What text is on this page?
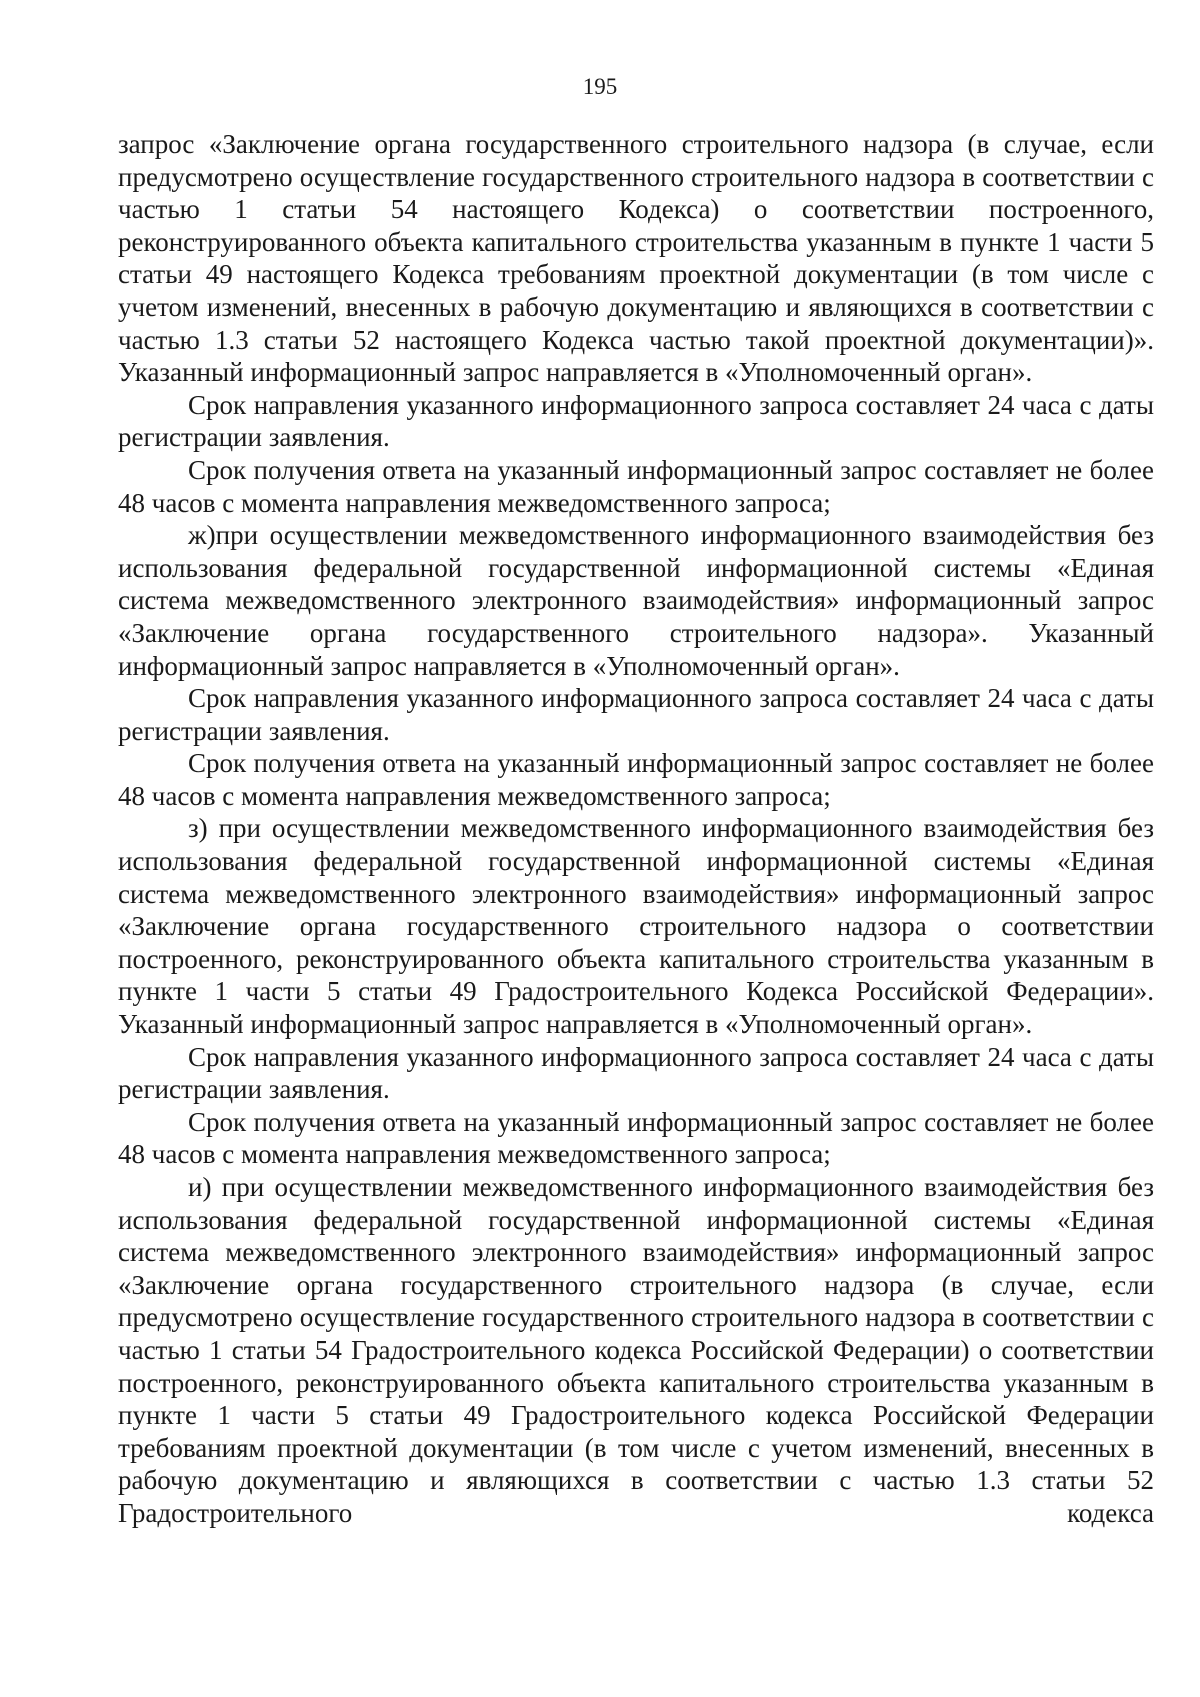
195

запрос «Заключение органа государственного строительного надзора (в случае, если предусмотрено осуществление государственного строительного надзора в соответствии с частью 1 статьи 54 настоящего Кодекса) о соответствии построенного, реконструированного объекта капитального строительства указанным в пункте 1 части 5 статьи 49 настоящего Кодекса требованиям проектной документации (в том числе с учетом изменений, внесенных в рабочую документацию и являющихся в соответствии с частью 1.3 статьи 52 настоящего Кодекса частью такой проектной документации)». Указанный информационный запрос направляется в «Уполномоченный орган».

Срок направления указанного информационного запроса составляет 24 часа с даты регистрации заявления.

Срок получения ответа на указанный информационный запрос составляет не более 48 часов с момента направления межведомственного запроса;

ж)при осуществлении межведомственного информационного взаимодействия без использования федеральной государственной информационной системы «Единая система межведомственного электронного взаимодействия» информационный запрос «Заключение органа государственного строительного надзора». Указанный информационный запрос направляется в «Уполномоченный орган».

Срок направления указанного информационного запроса составляет 24 часа с даты регистрации заявления.

Срок получения ответа на указанный информационный запрос составляет не более 48 часов с момента направления межведомственного запроса;

з) при осуществлении межведомственного информационного взаимодействия без использования федеральной государственной информационной системы «Единая система межведомственного электронного взаимодействия» информационный запрос «Заключение органа государственного строительного надзора о соответствии построенного, реконструированного объекта капитального строительства указанным в пункте 1 части 5 статьи 49 Градостроительного Кодекса Российской Федерации». Указанный информационный запрос направляется в «Уполномоченный орган».

Срок направления указанного информационного запроса составляет 24 часа с даты регистрации заявления.

Срок получения ответа на указанный информационный запрос составляет не более 48 часов с момента направления межведомственного запроса;

и) при осуществлении межведомственного информационного взаимодействия без использования федеральной государственной информационной системы «Единая система межведомственного электронного взаимодействия» информационный запрос «Заключение органа государственного строительного надзора (в случае, если предусмотрено осуществление государственного строительного надзора в соответствии с частью 1 статьи 54 Градостроительного кодекса Российской Федерации) о соответствии построенного, реконструированного объекта капитального строительства указанным в пункте 1 части 5 статьи 49 Градостроительного кодекса Российской Федерации требованиям проектной документации (в том числе с учетом изменений, внесенных в рабочую документацию и являющихся в соответствии с частью 1.3 статьи 52 Градостроительного кодекса
